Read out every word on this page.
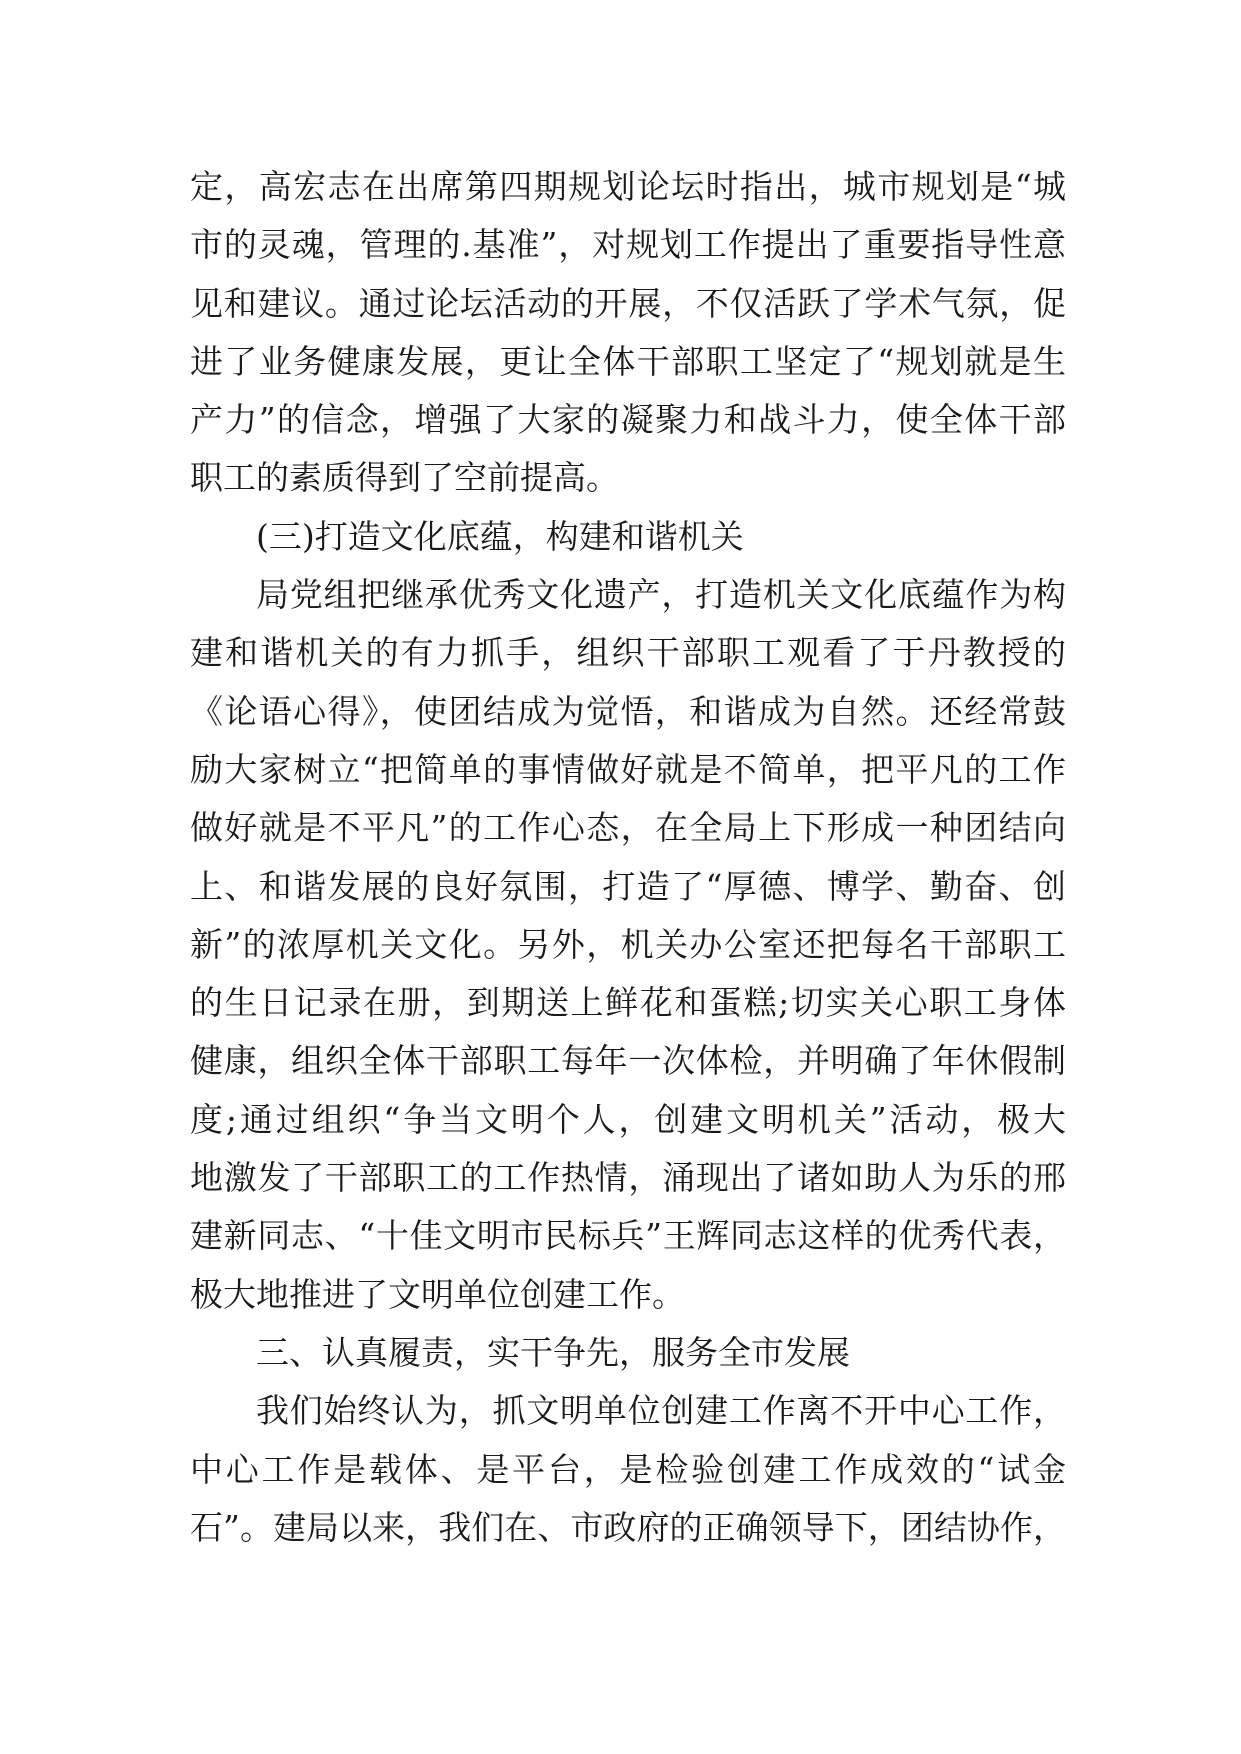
定，高宏志在出席第四期规划论坛时指出，城市规划是“城
市的灵魂，管理的.基准”，对规划工作提出了重要指导性意
见和建议。通过论坛活动的开展，不仅活跃了学术气氛，促
进了业务健康发展，更让全体干部职工坚定了“规划就是生
产力”的信念，增强了大家的凝聚力和战斗力，使全体干部
职工的素质得到了空前提高。
(三)打造文化底蕴，构建和谐机关
局党组把继承优秀文化遗产，打造机关文化底蕴作为构
建和谐机关的有力抓手，组织干部职工观看了于丹教授的
《论语心得》，使团结成为觉悟，和谐成为自然。还经常鼓
励大家树立“把简单的事情做好就是不简单，把平凡的工作
做好就是不平凡”的工作心态，在全局上下形成一种团结向
上、和谐发展的良好氛围，打造了“厚德、博学、勤奋、创
新”的浓厚机关文化。另外，机关办公室还把每名干部职工
的生日记录在册，到期送上鲜花和蛋糕;切实关心职工身体
健康，组织全体干部职工每年一次体检，并明确了年休假制
度;通过组织“争当文明个人，创建文明机关”活动，极大
地激发了干部职工的工作热情，涌现出了诸如助人为乐的邢
建新同志、“十佳文明市民标兵”王辉同志这样的优秀代表，
极大地推进了文明单位创建工作。
三、认真履责，实干争先，服务全市发展
我们始终认为，抓文明单位创建工作离不开中心工作，
中心工作是载体、是平台，是检验创建工作成效的“试金
石”。建局以来，我们在、市政府的正确领导下，团结协作，
